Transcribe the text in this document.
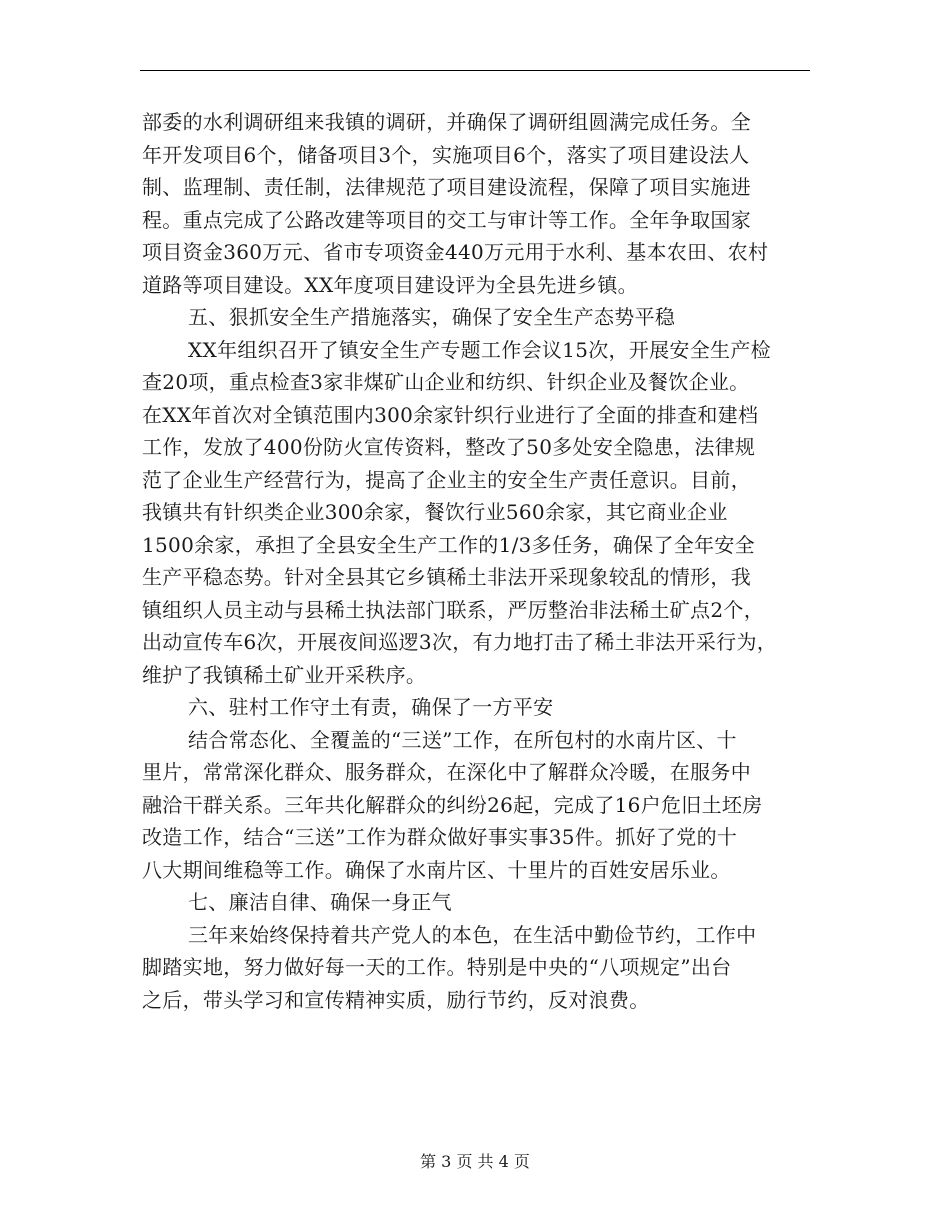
部委的水利调研组来我镇的调研，并确保了调研组圆满完成任务。全
年开发项目6个，储备项目3个，实施项目6个，落实了项目建设法人
制、监理制、责任制，法律规范了项目建设流程，保障了项目实施进
程。重点完成了公路改建等项目的交工与审计等工作。全年争取国家
项目资金360万元、省市专项资金440万元用于水利、基本农田、农村
道路等项目建设。XX年度项目建设评为全县先进乡镇。
五、狠抓安全生产措施落实，确保了安全生产态势平稳
XX年组织召开了镇安全生产专题工作会议15次，开展安全生产检
查20项，重点检查3家非煤矿山企业和纺织、针织企业及餐饮企业。
在XX年首次对全镇范围内300余家针织行业进行了全面的排查和建档
工作，发放了400份防火宣传资料，整改了50多处安全隐患，法律规
范了企业生产经营行为，提高了企业主的安全生产责任意识。目前，
我镇共有针织类企业300余家，餐饮行业560余家，其它商业企业
1500余家，承担了全县安全生产工作的1/3多任务，确保了全年安全
生产平稳态势。针对全县其它乡镇稀土非法开采现象较乱的情形，我
镇组织人员主动与县稀土执法部门联系，严厉整治非法稀土矿点2个，
出动宣传车6次，开展夜间巡逻3次，有力地打击了稀土非法开采行为，
维护了我镇稀土矿业开采秩序。
六、驻村工作守土有责，确保了一方平安
结合常态化、全覆盖的“三送”工作，在所包村的水南片区、十
里片，常常深化群众、服务群众，在深化中了解群众冷暖，在服务中
融洽干群关系。三年共化解群众的纠纷26起，完成了16户危旧土坯房
改造工作，结合“三送”工作为群众做好事实事35件。抓好了党的十
八大期间维稳等工作。确保了水南片区、十里片的百姓安居乐业。
七、廉洁自律、确保一身正气
三年来始终保持着共产党人的本色，在生活中勤俭节约，工作中
脚踏实地，努力做好每一天的工作。特别是中央的“八项规定”出台
之后，带头学习和宣传精神实质，励行节约，反对浪费。
第 3 页 共 4 页
